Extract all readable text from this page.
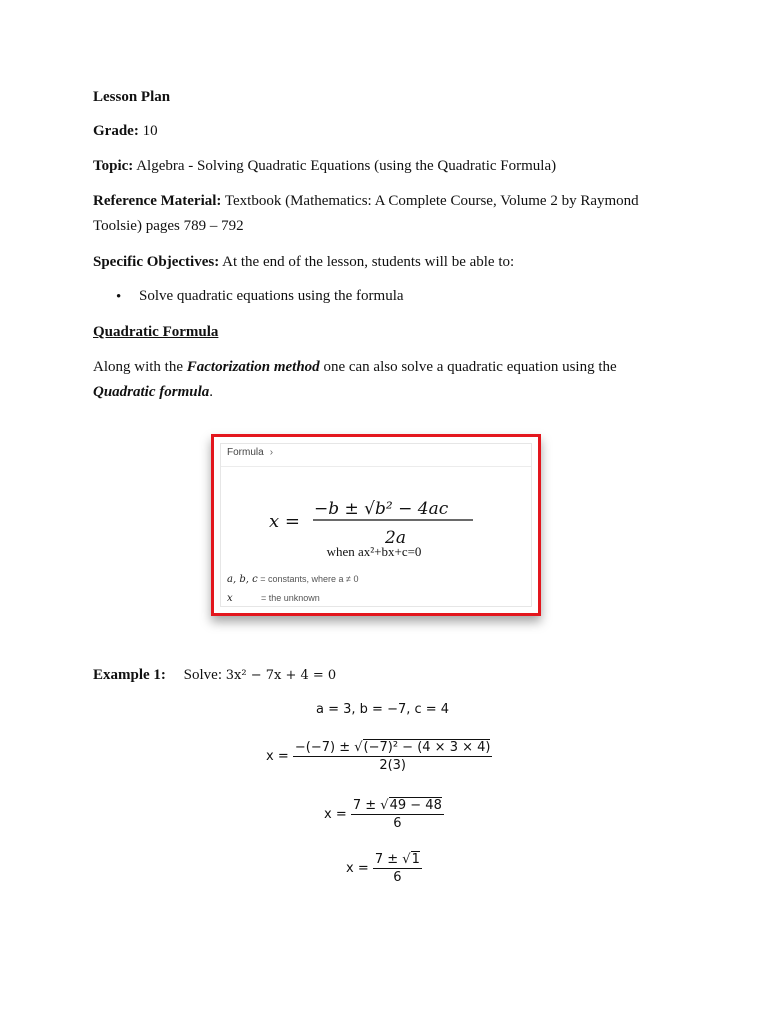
Lesson Plan
Grade: 10
Topic: Algebra - Solving Quadratic Equations (using the Quadratic Formula)
Reference Material: Textbook (Mathematics: A Complete Course, Volume 2 by Raymond
Toolsie) pages 789 – 792
Specific Objectives: At the end of the lesson, students will be able to:
• Solve quadratic equations using the formula
Quadratic Formula
Along with the Factorization method one can also solve a quadratic equation using the
Quadratic formula.
Formula ›
x =
−b ± √b² − 4ac
2a
when ax²+bx+c=0
a, b, c = constants, where a ≠ 0
x	= the unknown
Example 1: Solve: 3x² − 7x + 4 = 0
a = 3, b = −7, c = 4
$x = \frac{\text{−(−7) ± √(−7)² − (4 × 3 × 4)}}{2(3)}$
$x = \frac{7 \pm √49 - 48}{6}$
$x = \frac{7 \pm √1}{6}$
